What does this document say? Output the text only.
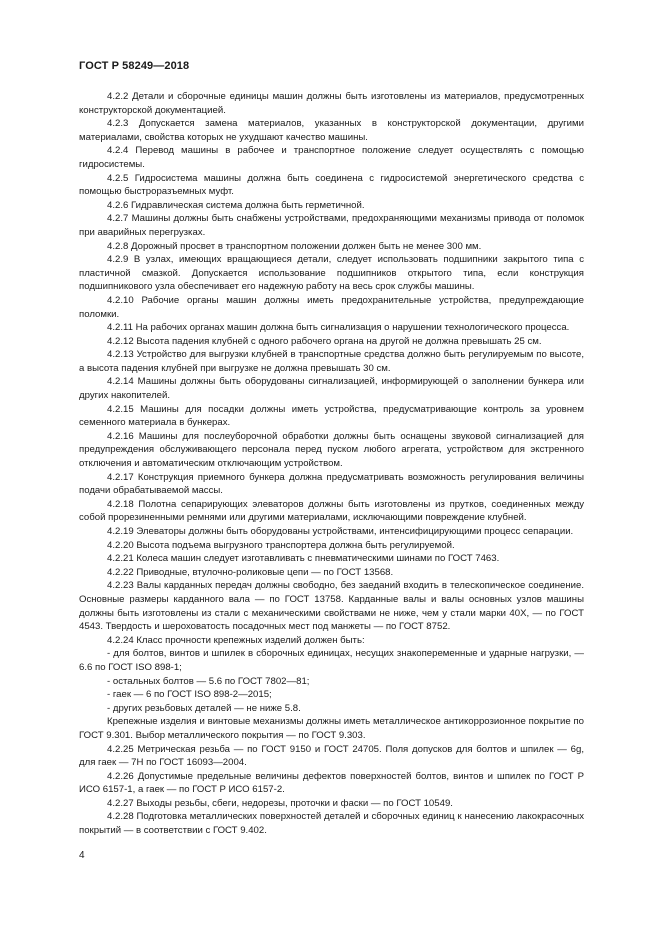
ГОСТ Р 58249—2018

4.2.2 Детали и сборочные единицы машин должны быть изготовлены из материалов, предусмотренных конструкторской документацией.

4.2.3 Допускается замена материалов, указанных в конструкторской документации, другими материалами, свойства которых не ухудшают качество машины.

4.2.4 Перевод машины в рабочее и транспортное положение следует осуществлять с помощью гидросистемы.

4.2.5 Гидросистема машины должна быть соединена с гидросистемой энергетического средства с помощью быстроразъемных муфт.

4.2.6 Гидравлическая система должна быть герметичной.

4.2.7 Машины должны быть снабжены устройствами, предохраняющими механизмы привода от поломок при аварийных перегрузках.

4.2.8 Дорожный просвет в транспортном положении должен быть не менее 300 мм.

4.2.9 В узлах, имеющих вращающиеся детали, следует использовать подшипники закрытого типа с пластичной смазкой. Допускается использование подшипников открытого типа, если конструкция подшипникового узла обеспечивает его надежную работу на весь срок службы машины.

4.2.10 Рабочие органы машин должны иметь предохранительные устройства, предупреждающие поломки.

4.2.11 На рабочих органах машин должна быть сигнализация о нарушении технологического процесса.

4.2.12 Высота падения клубней с одного рабочего органа на другой не должна превышать 25 см.

4.2.13 Устройство для выгрузки клубней в транспортные средства должно быть регулируемым по высоте, а высота падения клубней при выгрузке не должна превышать 30 см.

4.2.14 Машины должны быть оборудованы сигнализацией, информирующей о заполнении бункера или других накопителей.

4.2.15 Машины для посадки должны иметь устройства, предусматривающие контроль за уровнем семенного материала в бункерах.

4.2.16 Машины для послеуборочной обработки должны быть оснащены звуковой сигнализацией для предупреждения обслуживающего персонала перед пуском любого агрегата, устройством для экстренного отключения и автоматическим отключающим устройством.

4.2.17 Конструкция приемного бункера должна предусматривать возможность регулирования величины подачи обрабатываемой массы.

4.2.18 Полотна сепарирующих элеваторов должны быть изготовлены из прутков, соединенных между собой прорезиненными ремнями или другими материалами, исключающими повреждение клубней.

4.2.19 Элеваторы должны быть оборудованы устройствами, интенсифицирующими процесс сепарации.

4.2.20 Высота подъема выгрузного транспортера должна быть регулируемой.

4.2.21 Колеса машин следует изготавливать с пневматическими шинами по ГОСТ 7463.

4.2.22 Приводные, втулочно-роликовые цепи — по ГОСТ 13568.

4.2.23 Валы карданных передач должны свободно, без заеданий входить в телескопическое соединение. Основные размеры карданного вала — по ГОСТ 13758. Карданные валы и валы основных узлов машины должны быть изготовлены из стали с механическими свойствами не ниже, чем у стали марки 40Х, — по ГОСТ 4543. Твердость и шероховатость посадочных мест под манжеты — по ГОСТ 8752.

4.2.24 Класс прочности крепежных изделий должен быть:

- для болтов, винтов и шпилек в сборочных единицах, несущих знакопеременные и ударные нагрузки, — 6.6 по ГОСТ ISO 898-1;

- остальных болтов — 5.6 по ГОСТ 7802—81;

- гаек — 6 по ГОСТ ISO 898-2—2015;

- других резьбовых деталей — не ниже 5.8.

Крепежные изделия и винтовые механизмы должны иметь металлическое антикоррозионное покрытие по ГОСТ 9.301. Выбор металлического покрытия — по ГОСТ 9.303.

4.2.25 Метрическая резьба — по ГОСТ 9150 и ГОСТ 24705. Поля допусков для болтов и шпилек — 6g, для гаек — 7Н по ГОСТ 16093—2004.

4.2.26 Допустимые предельные величины дефектов поверхностей болтов, винтов и шпилек по ГОСТ Р ИСО 6157-1, а гаек — по ГОСТ Р ИСО 6157-2.

4.2.27 Выходы резьбы, сбеги, недорезы, проточки и фаски — по ГОСТ 10549.

4.2.28 Подготовка металлических поверхностей деталей и сборочных единиц к нанесению лакокрасочных покрытий — в соответствии с ГОСТ 9.402.

4
